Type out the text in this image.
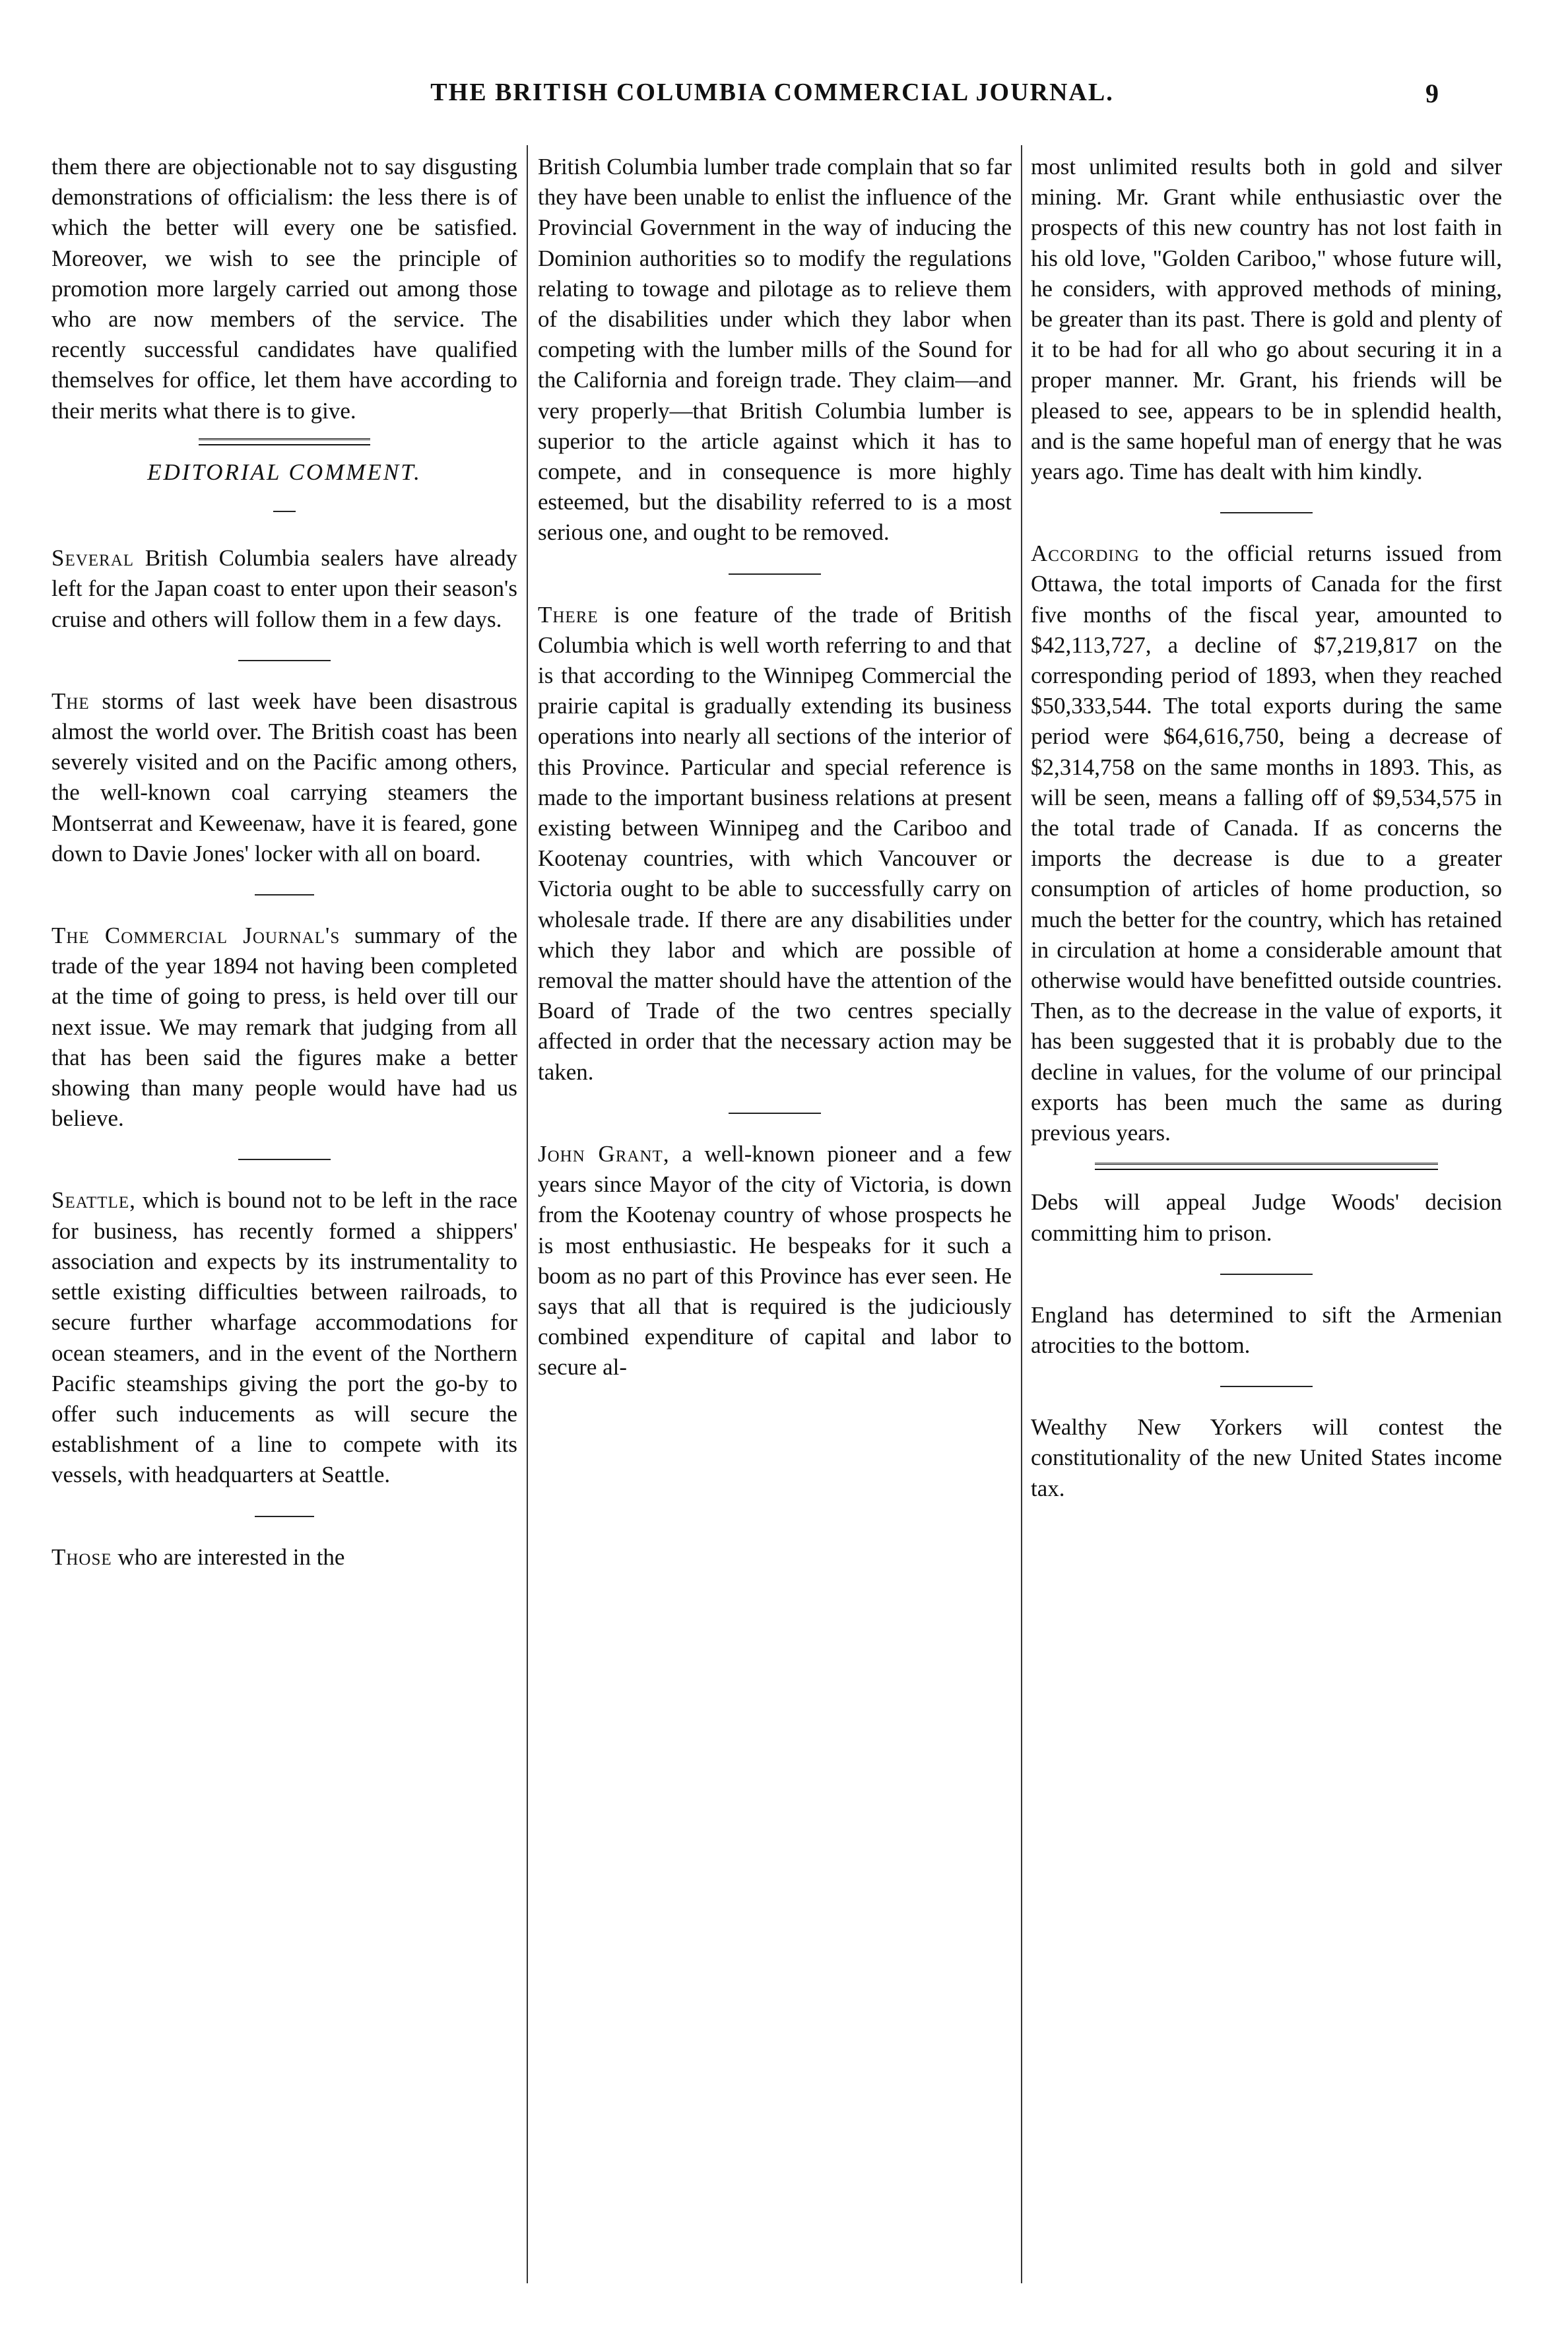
THE BRITISH COLUMBIA COMMERCIAL JOURNAL.	9

them there are objectionable not to say disgusting demonstrations of officialism: the less there is of which the better will every one be satisfied. Moreover, we wish to see the principle of promotion more largely carried out among those who are now members of the service. The recently successful candidates have qualified themselves for office, let them have according to their merits what there is to give.

EDITORIAL COMMENT.

Several British Columbia sealers have already left for the Japan coast to enter upon their season's cruise and others will follow them in a few days.

The storms of last week have been disastrous almost the world over. The British coast has been severely visited and on the Pacific among others, the well-known coal carrying steamers the Montserrat and Keweenaw, have it is feared, gone down to Davie Jones' locker with all on board.

The Commercial Journal's summary of the trade of the year 1894 not having been completed at the time of going to press, is held over till our next issue. We may remark that judging from all that has been said the figures make a better showing than many people would have had us believe.

Seattle, which is bound not to be left in the race for business, has recently formed a shippers' association and expects by its instrumentality to settle existing difficulties between railroads, to secure further wharfage accommodations for ocean steamers, and in the event of the Northern Pacific steamships giving the port the go-by to offer such inducements as will secure the establishment of a line to compete with its vessels, with headquarters at Seattle.

Those who are interested in the

British Columbia lumber trade complain that so far they have been unable to enlist the influence of the Provincial Government in the way of inducing the Dominion authorities so to modify the regulations relating to towage and pilotage as to relieve them of the disabilities under which they labor when competing with the lumber mills of the Sound for the California and foreign trade. They claim—and very properly—that British Columbia lumber is superior to the article against which it has to compete, and in consequence is more highly esteemed, but the disability referred to is a most serious one, and ought to be removed.

There is one feature of the trade of British Columbia which is well worth referring to and that is that according to the Winnipeg Commercial the prairie capital is gradually extending its business operations into nearly all sections of the interior of this Province. Particular and special reference is made to the important business relations at present existing between Winnipeg and the Cariboo and Kootenay countries, with which Vancouver or Victoria ought to be able to successfully carry on wholesale trade. If there are any disabilities under which they labor and which are possible of removal the matter should have the attention of the Board of Trade of the two centres specially affected in order that the necessary action may be taken.

John Grant, a well-known pioneer and a few years since Mayor of the city of Victoria, is down from the Kootenay country of whose prospects he is most enthusiastic. He bespeaks for it such a boom as no part of this Province has ever seen. He says that all that is required is the judiciously combined expenditure of capital and labor to secure al-

most unlimited results both in gold and silver mining. Mr. Grant while enthusiastic over the prospects of this new country has not lost faith in his old love, "Golden Cariboo," whose future will, he considers, with approved methods of mining, be greater than its past. There is gold and plenty of it to be had for all who go about securing it in a proper manner. Mr. Grant, his friends will be pleased to see, appears to be in splendid health, and is the same hopeful man of energy that he was years ago. Time has dealt with him kindly.

According to the official returns issued from Ottawa, the total imports of Canada for the first five months of the fiscal year, amounted to $42,113,727, a decline of $7,219,817 on the corresponding period of 1893, when they reached $50,333,544. The total exports during the same period were $64,616,750, being a decrease of $2,314,758 on the same months in 1893. This, as will be seen, means a falling off of $9,534,575 in the total trade of Canada. If as concerns the imports the decrease is due to a greater consumption of articles of home production, so much the better for the country, which has retained in circulation at home a considerable amount that otherwise would have benefitted outside countries. Then, as to the decrease in the value of exports, it has been suggested that it is probably due to the decline in values, for the volume of our principal exports has been much the same as during previous years.

Debs will appeal Judge Woods' decision committing him to prison.

England has determined to sift the Armenian atrocities to the bottom.

Wealthy New Yorkers will contest the constitutionality of the new United States income tax.
